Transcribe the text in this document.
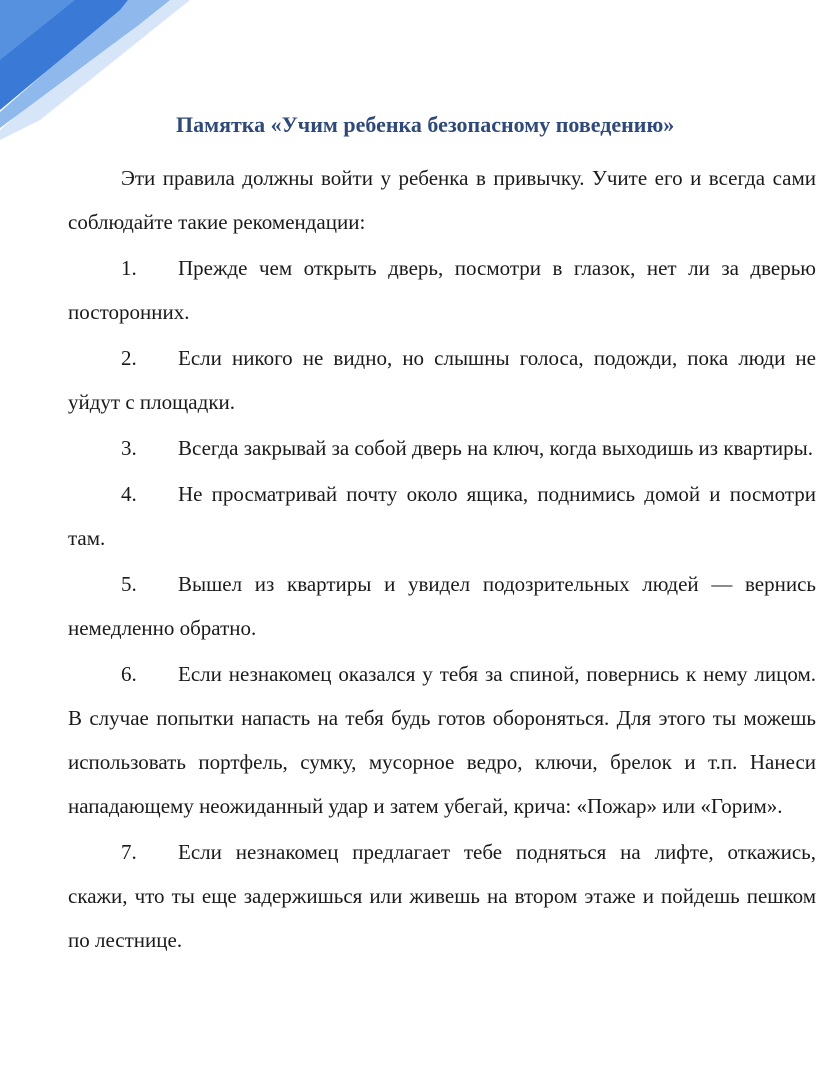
Памятка «Учим ребенка безопасному поведению»

Эти правила должны войти у ребенка в привычку. Учите его и всегда сами соблюдайте такие рекомендации:

1. Прежде чем открыть дверь, посмотри в глазок, нет ли за дверью посторонних.

2. Если никого не видно, но слышны голоса, подожди, пока люди не уйдут с площадки.

3. Всегда закрывай за собой дверь на ключ, когда выходишь из квартиры.

4. Не просматривай почту около ящика, поднимись домой и посмотри там.

5. Вышел из квартиры и увидел подозрительных людей — вернись немедленно обратно.

6. Если незнакомец оказался у тебя за спиной, повернись к нему лицом. В случае попытки напасть на тебя будь готов обороняться. Для этого ты можешь использовать портфель, сумку, мусорное ведро, ключи, брелок и т.п. Нанеси нападающему неожиданный удар и затем убегай, крича: «Пожар» или «Горим».

7. Если незнакомец предлагает тебе подняться на лифте, откажись, скажи, что ты еще задержишься или живешь на втором этаже и пойдешь пешком по лестнице.
